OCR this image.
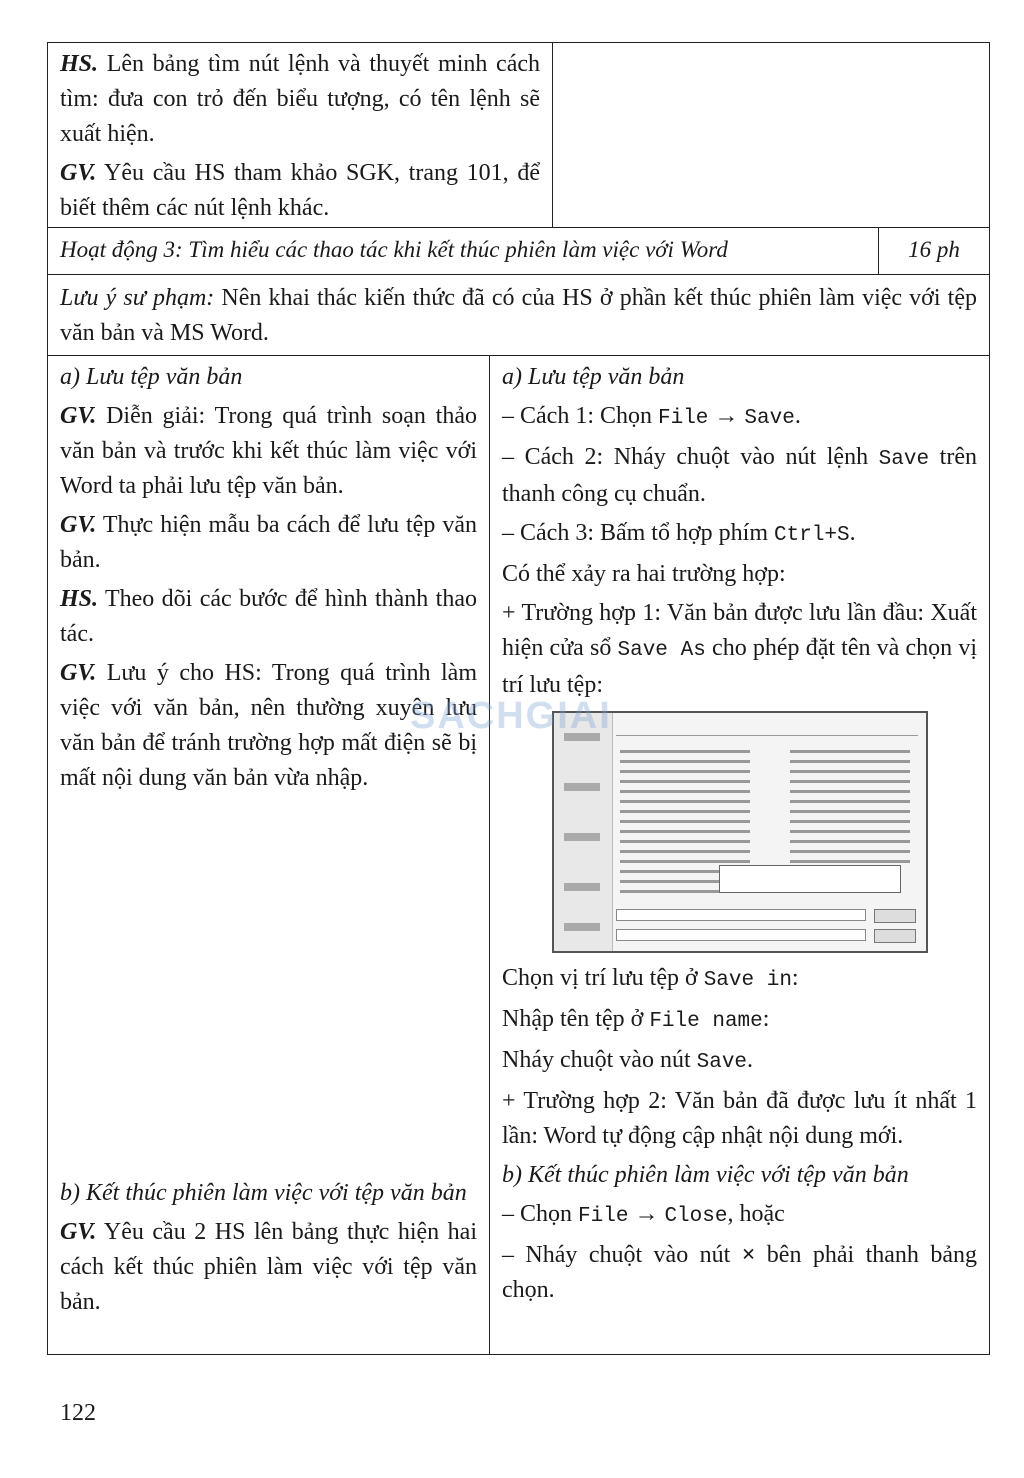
HS. Lên bảng tìm nút lệnh và thuyết minh cách tìm: đưa con trỏ đến biểu tượng, có tên lệnh sẽ xuất hiện.

GV. Yêu cầu HS tham khảo SGK, trang 101, để biết thêm các nút lệnh khác.

Hoạt động 3: Tìm hiểu các thao tác khi kết thúc phiên làm việc với Word	16 ph

Lưu ý sư phạm: Nên khai thác kiến thức đã có của HS ở phần kết thúc phiên làm việc với tệp văn bản và MS Word.

a) Lưu tệp văn bản

GV. Diễn giải: Trong quá trình soạn thảo văn bản và trước khi kết thúc làm việc với Word ta phải lưu tệp văn bản.

GV. Thực hiện mẫu ba cách để lưu tệp văn bản.

HS. Theo dõi các bước để hình thành thao tác.

GV. Lưu ý cho HS: Trong quá trình làm việc với văn bản, nên thường xuyên lưu văn bản để tránh trường hợp mất điện sẽ bị mất nội dung văn bản vừa nhập.

b) Kết thúc phiên làm việc với tệp văn bản

GV. Yêu cầu 2 HS lên bảng thực hiện hai cách kết thúc phiên làm việc với tệp văn bản.

a) Lưu tệp văn bản

– Cách 1: Chọn File → Save.

– Cách 2: Nháy chuột vào nút lệnh Save trên thanh công cụ chuẩn.

– Cách 3: Bấm tổ hợp phím Ctrl+S.

Có thể xảy ra hai trường hợp:

+ Trường hợp 1: Văn bản được lưu lần đầu: Xuất hiện cửa sổ Save As cho phép đặt tên và chọn vị trí lưu tệp:

Chọn vị trí lưu tệp ở Save in:

Nhập tên tệp ở File name:

Nháy chuột vào nút Save.

+ Trường hợp 2: Văn bản đã được lưu ít nhất 1 lần: Word tự động cập nhật nội dung mới.

b) Kết thúc phiên làm việc với tệp văn bản

– Chọn File → Close, hoặc

– Nháy chuột vào nút × bên phải thanh bảng chọn.

SACHGIAI
122
